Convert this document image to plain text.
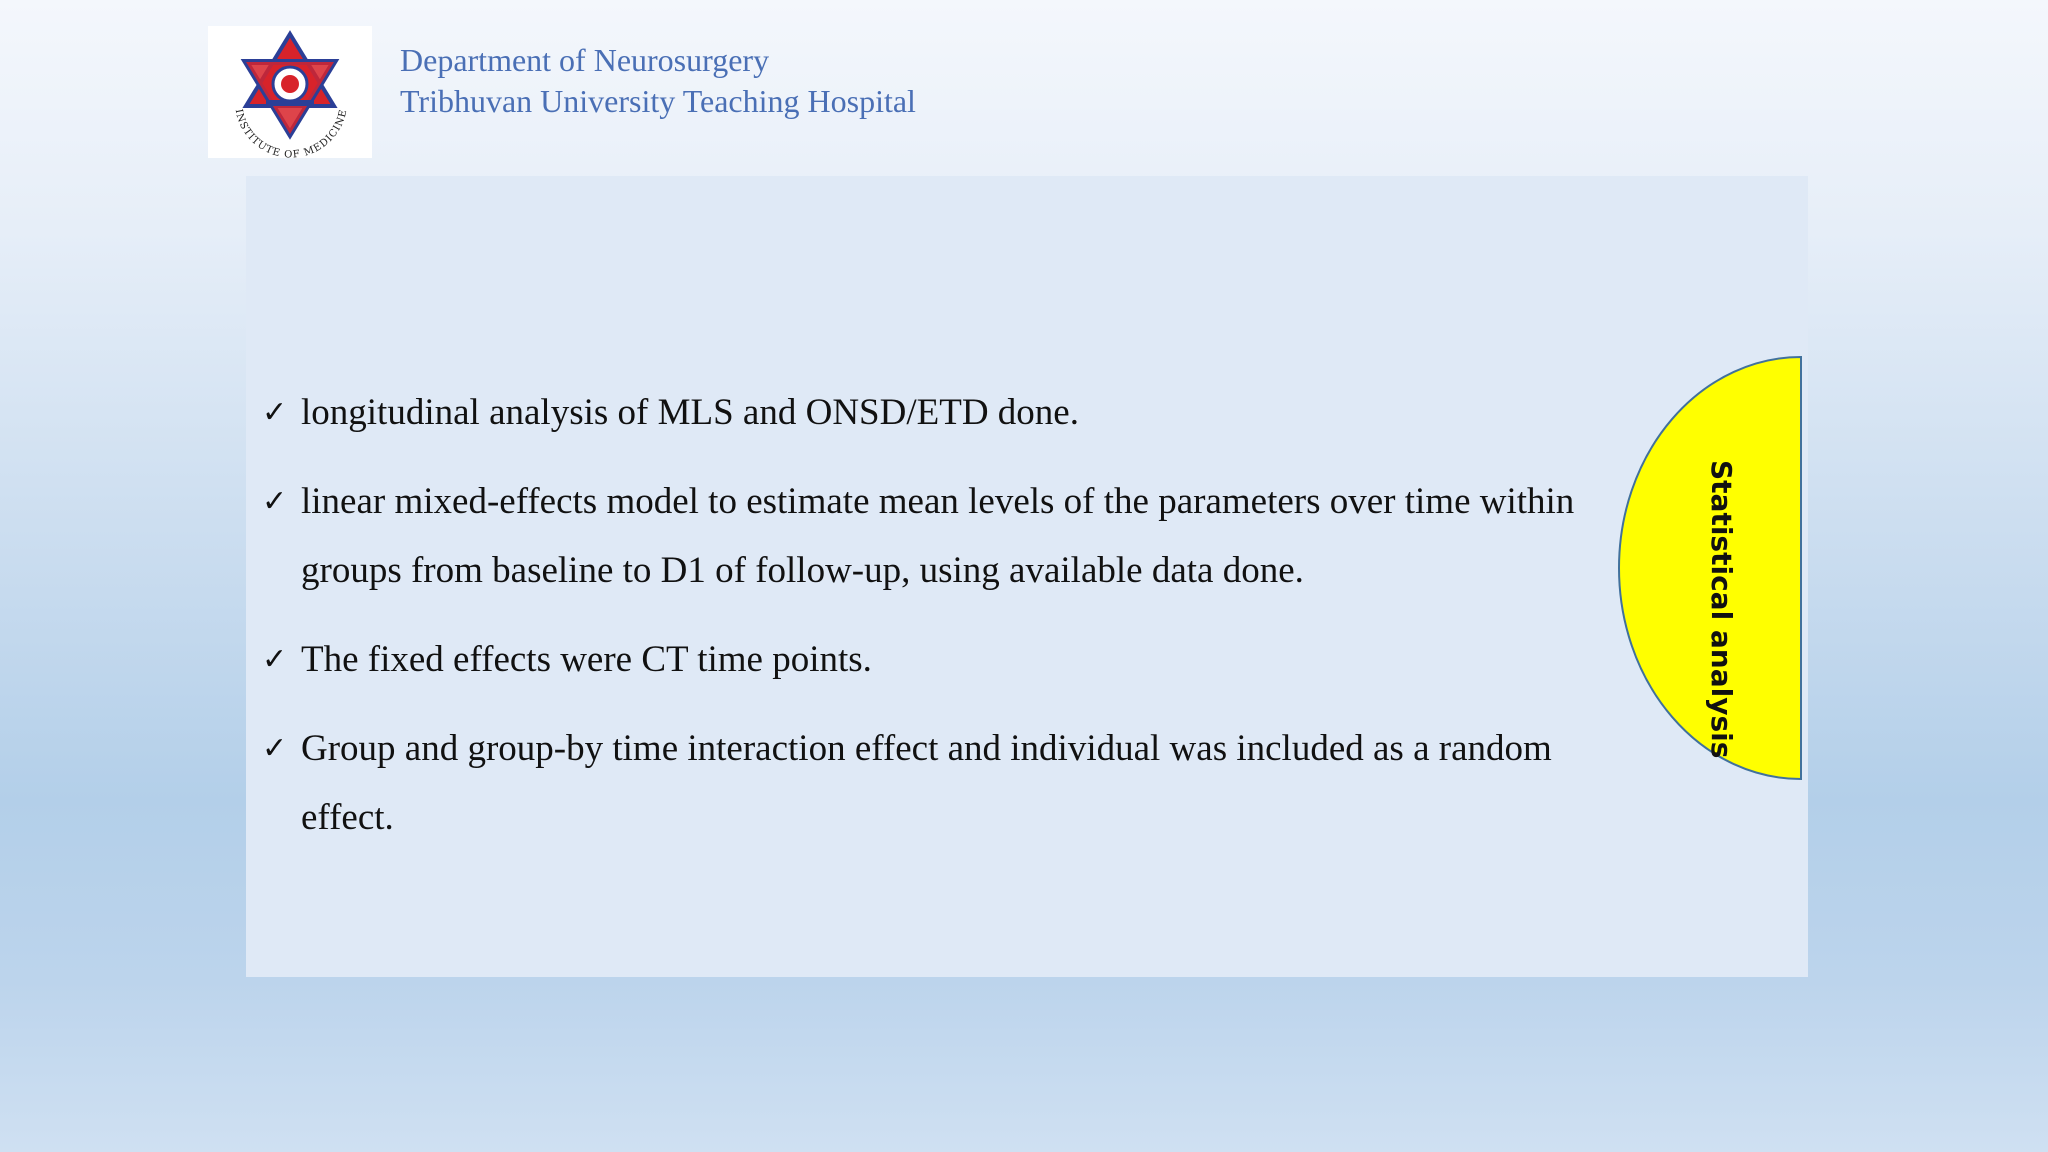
INSTITUTE OF MEDICINE
Department of Neurosurgery
Tribhuvan University Teaching Hospital
✓ longitudinal analysis of MLS and ONSD/ETD done.
✓ linear mixed-effects model to estimate mean levels of the parameters over time within groups from baseline to D1 of follow-up, using available data done.
✓ The fixed effects were CT time points.
✓ Group and group-by time interaction effect and individual was included as a random effect.
Statistical analysis
